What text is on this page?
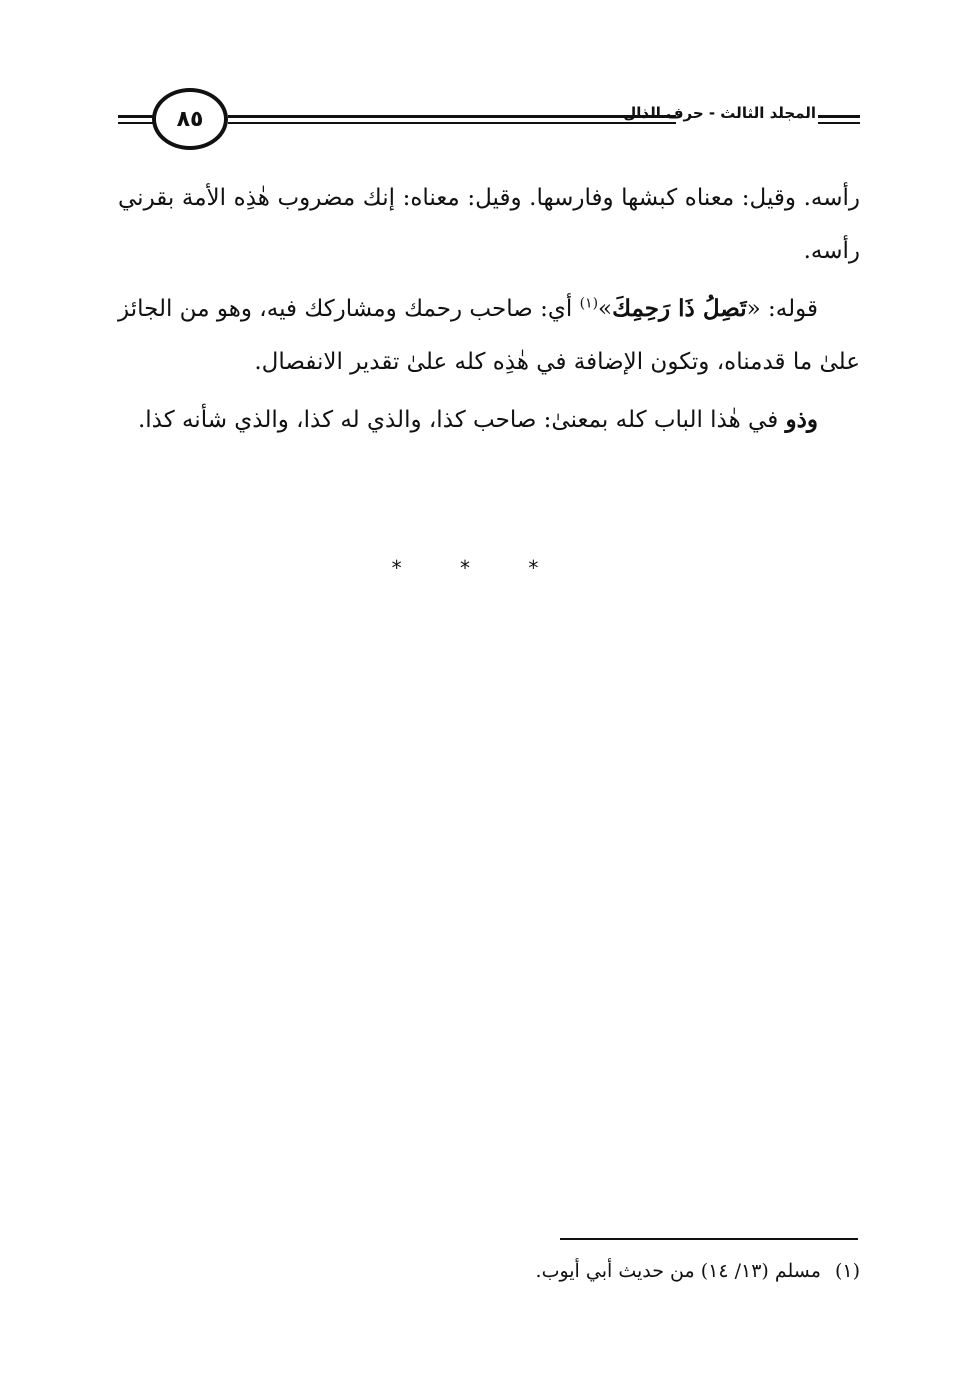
٨٥	المجلد الثالث - حرف الذال

رأسه. وقيل: معناه كبشها وفارسها. وقيل: معناه: إنك مضروب هٰذِه الأمة بقرني رأسه.

قوله: «تَصِلُ ذَا رَحِمِكَ»$^{(١)}$ أي: صاحب رحمك ومشاركك فيه، وهو من الجائز علىٰ ما قدمناه، وتكون الإضافة في هٰذِه كله علىٰ تقدير الانفصال.

وذو في هٰذا الباب كله بمعنىٰ: صاحب كذا، والذي له كذا، والذي شأنه كذا.

* * *
(١)مسلم (١٣/ ١٤) من حديث أبي أيوب.
